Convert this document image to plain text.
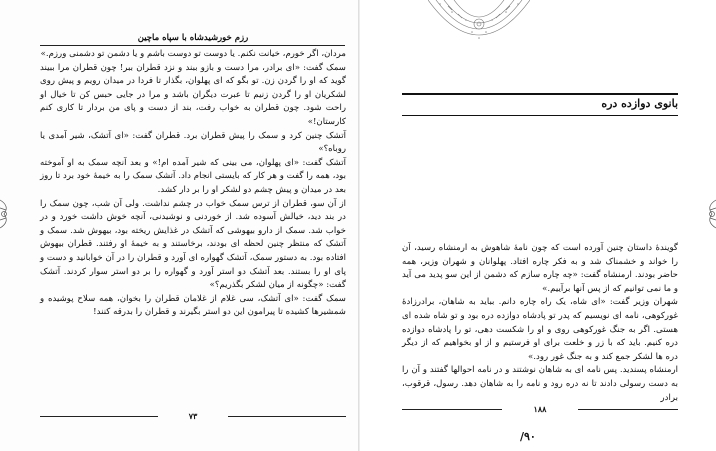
رزم خورشیدشاه با سپاه ماچین

مردان، اگر خورم، خیانت نکنم. یا دوست تو دوست باشم و یا دشمن تو دشمنی ورزم.»

سمک گفت: «ای برادر، مرا دست و بازو ببند و نزد قطران ببر! چون قطران مرا ببیند گوید که او را گردن زن. تو بگو که ای پهلوان، بگذار تا فردا در میدان رویم و پیش روی لشکریان او را گردن زنیم تا عبرت دیگران باشد و مرا در جایی حبس کن تا خیال او راحت شود. چون قطران به خواب رفت، بند از دست و پای من بردار تا کاری کنم کارستان!»

آتشک چنین کرد و سمک را پیش قطران برد. قطران گفت: «ای آتشک، شیر آمدی یا روباه؟»

آتشک گفت: «ای پهلوان، می بینی که شیر آمده ام!» و بعد آنچه سمک به او آموخته بود، همه را گفت و هر کار که بایستی انجام داد. آتشک سمک را به خیمهٔ خود برد تا روز بعد در میدان و پیش چشم دو لشکر او را بر دار کشد.

از آن سو، قطران از ترس سمک خواب در چشم نداشت. ولی آن شب، چون سمک را در بند دید، خیالش آسوده شد. از خوردنی و نوشیدنی، آنچه خوش داشت خورد و در خواب شد. سمک از دارو بیهوشی که آتشک در غذایش ریخته بود، بیهوش شد. سمک و آتشک که منتظر چنین لحظه ای بودند، برخاستند و به خیمهٔ او رفتند. قطران بیهوش افتاده بود. به دستور سمک، آتشک گهواره ای آورد و قطران را در آن خوابانید و دست و پای او را بستند. بعد آتشک دو استر آورد و گهواره را بر دو استر سوار کردند. آتشک گفت: «چگونه از میان لشکر بگذریم؟»

سمک گفت: «ای آتشک، سی غلام از غلامان قطران را بخوان، همه سلاح پوشیده و شمشیرها کشیده تا پیرامون این دو استر بگیرند و قطران را بدرقه کنند!

۷۳
بانوی دوازده دره

گویندهٔ داستان چنین آورده است که چون نامهٔ شاهوش به ارمنشاه رسید، آن را خواند و خشمناک شد و به فکر چاره افتاد. پهلوانان و شهران وزیر، همه حاضر بودند. ارمنشاه گفت: «چه چاره سازم که دشمن از این سو پدید می آید و ما نمی توانیم که از پس آنها برآییم.»

شهران وزیر گفت: «ای شاه، یک راه چاره دانم. بباید به شاهان، برادرزادهٔ غورکوهی، نامه ای نویسیم که پدر تو پادشاه دوازده دره بود و تو شاه شده ای هستی. اگر به جنگ غورکوهی روی و او را شکست دهی، تو را پادشاه دوازده دره کنیم. باید که با زر و خلعت برای او فرستیم و از او بخواهیم که از دیگر دره ها لشکر جمع کند و به جنگ غور رود.»

ارمنشاه پسندید. پس نامه ای به شاهان نوشتند و در نامه احوالها گفتند و آن را به دست رسولی دادند تا نه دره رود و نامه را به شاهان دهد. رسول، قرقوب، برادر

۱۸۸
/۹۰
